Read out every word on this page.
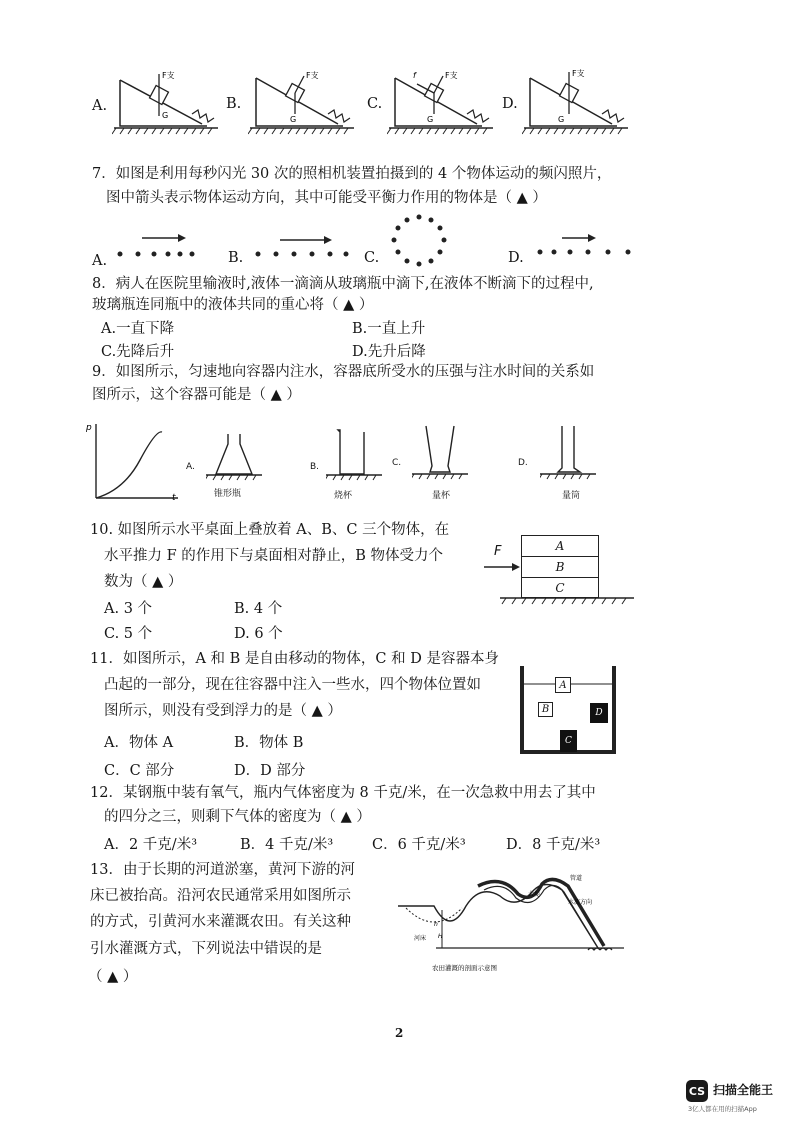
A.	B.	C.	D.
F支
G
F支
G
F支
f
G
F支
G
7．如图是利用每秒闪光 30 次的照相机装置拍摄到的 4 个物体运动的频闪照片，
图中箭头表示物体运动方向，其中可能受平衡力作用的物体是（ ▲ ）
A.	B.	C.	D.
8．病人在医院里输液时,液体一滴滴从玻璃瓶中滴下,在液体不断滴下的过程中,
玻璃瓶连同瓶中的液体共同的重心将（ ▲ ）
A.一直下降	B.一直上升
C.先降后升	D.先升后降
9．如图所示，匀速地向容器内注水，容器底所受水的压强与注水时间的关系如
图所示，这个容器可能是（ ▲ ）
p
t
A.
锥形瓶
B.
烧杯
C.
量杯
D.
量筒
10. 如图所示水平桌面上叠放着 A、B、C 三个物体，在
水平推力 F 的作用下与桌面相对静止，B 物体受力个
数为（ ▲ ）
A. 3 个	B. 4 个
C. 5 个	D. 6 个
F	A
B
C
11．如图所示，A 和 B 是自由移动的物体，C 和 D 是容器本身
凸起的一部分，现在往容器中注入一些水，四个物体位置如
图所示，则没有受到浮力的是（ ▲ ）
A．物体 A	B．物体 B
C．C 部分	D．D 部分
A
B
C
D
12．某钢瓶中装有氧气，瓶内气体密度为 8 千克/米，在一次急救中用去了其中
的四分之三，则剩下气体的密度为（ ▲ ）
A．2 千克/米³	B．4 千克/米³	C．6 千克/米³	D．8 千克/米³
13．由于长期的河道淤塞，黄河下游的河
床已被抬高。沿河农民通常采用如图所示
的方式，引黄河水来灌溉农田。有关这种
引水灌溉方式，下列说法中错误的是
（ ▲ ）
管道
大堤
水流方向
河床
h
H
农田灌溉的剖面示意图
2
CS 扫描全能王
3亿人都在用的扫描App
